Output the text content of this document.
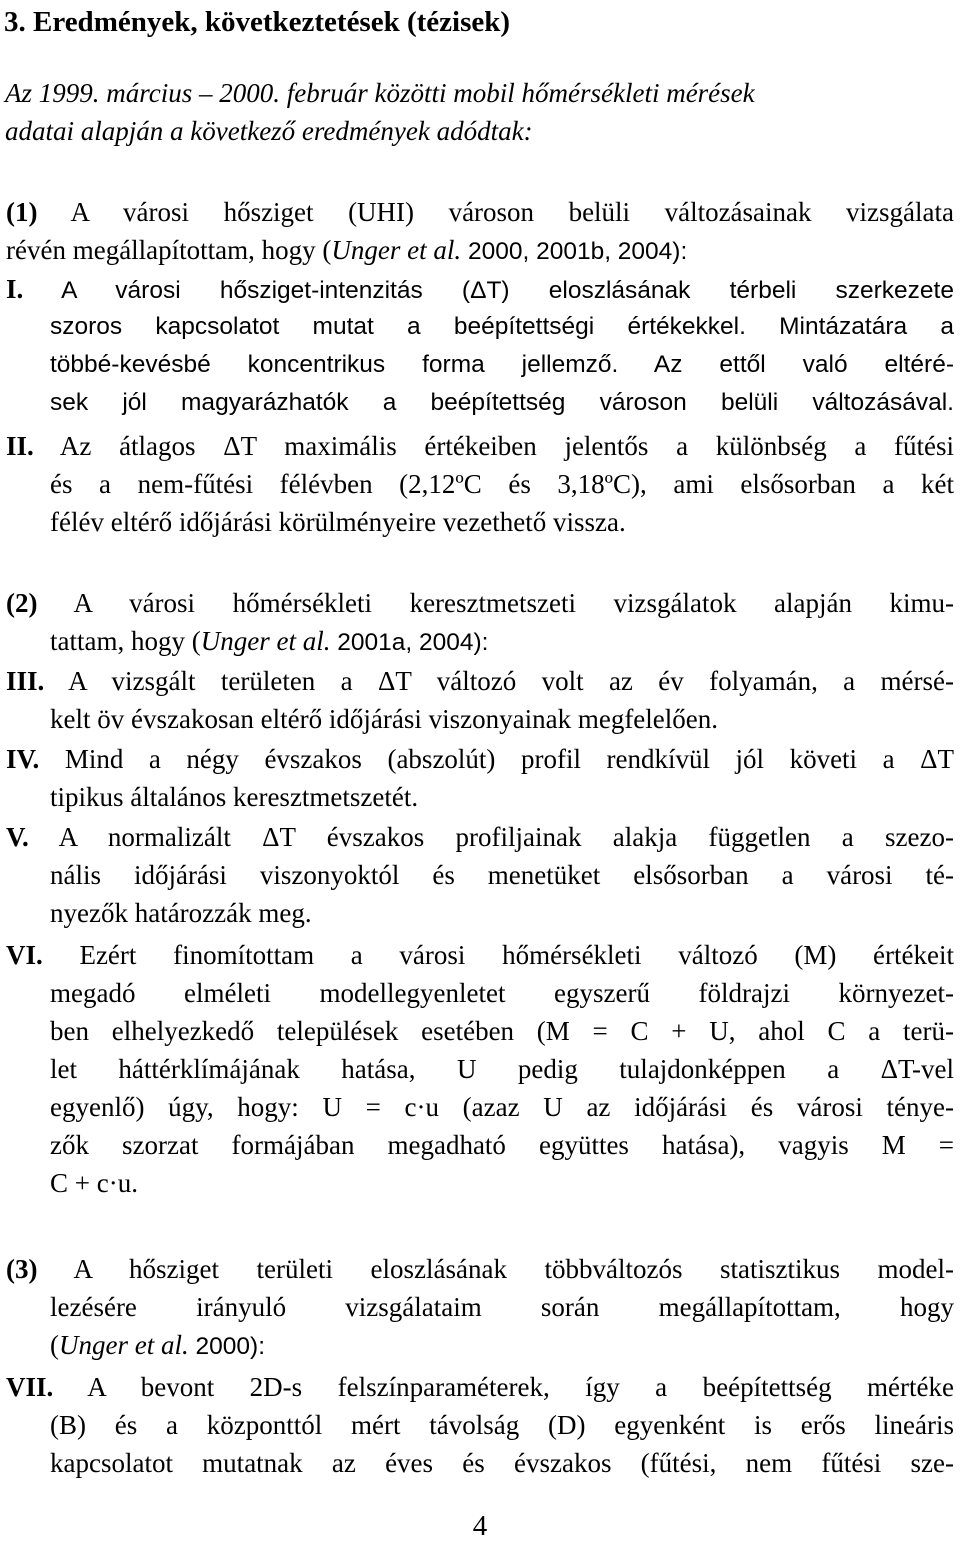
3. Eredmények, következtetések (tézisek)

Az 1999. március – 2000. február közötti mobil hőmérsékleti mérések
adatai alapján a következő eredmények adódtak:

(1) A városi hősziget (UHI) városon belüli változásainak vizsgálata
révén megállapítottam, hogy (Unger et al. 2000, 2001b, 2004):
I. A városi hősziget-intenzitás (ΔT) eloszlásának térbeli szerkezete
szoros kapcsolatot mutat a beépítettségi értékekkel. Mintázatára a
többé-kevésbé koncentrikus forma jellemző. Az ettől való eltéré-
sek jól magyarázhatók a beépítettség városon belüli változásával.
II. Az átlagos ΔT maximális értékeiben jelentős a különbség a fűtési
és a nem-fűtési félévben (2,12ºC és 3,18ºC), ami elsősorban a két
félév eltérő időjárási körülményeire vezethető vissza.
(2) A városi hőmérsékleti keresztmetszeti vizsgálatok alapján kimu-
tattam, hogy (Unger et al. 2001a, 2004):
III. A vizsgált területen a ΔT változó volt az év folyamán, a mérsé-
kelt öv évszakosan eltérő időjárási viszonyainak megfelelően.
IV. Mind a négy évszakos (abszolút) profil rendkívül jól követi a ΔT
tipikus általános keresztmetszetét.
V. A normalizált ΔT évszakos profiljainak alakja független a szezo-
nális időjárási viszonyoktól és menetüket elsősorban a városi té-
nyezők határozzák meg.
VI. Ezért finomítottam a városi hőmérsékleti változó (M) értékeit
megadó elméleti modellegyenletet egyszerű földrajzi környezet-
ben elhelyezkedő települések esetében (M = C + U, ahol C a terü-
let háttérklímájának hatása, U pedig tulajdonképpen a ΔT-vel
egyenlő) úgy, hogy: U = c·u (azaz U az időjárási és városi ténye-
zők szorzat formájában megadható együttes hatása), vagyis M =
C + c·u.
(3) A hősziget területi eloszlásának többváltozós statisztikus model-
lezésére irányuló vizsgálataim során megállapítottam, hogy
(Unger et al. 2000):
VII. A bevont 2D-s felszínparaméterek, így a beépítettség mértéke
(B) és a központtól mért távolság (D) egyenként is erős lineáris
kapcsolatot mutatnak az éves és évszakos (fűtési, nem fűtési sze-

4
